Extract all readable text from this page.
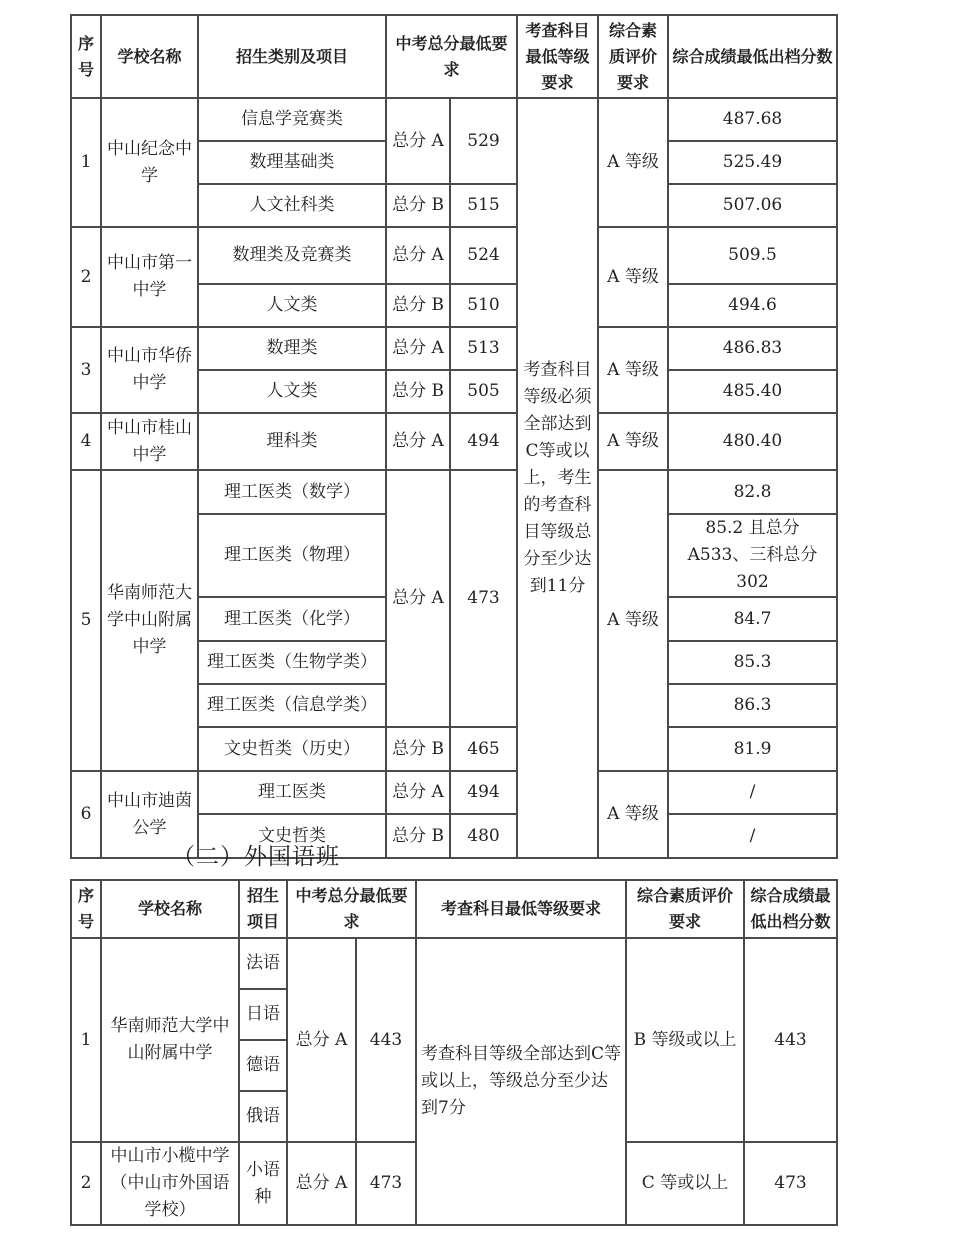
序号	学校名称	招生类别及项目	中考总分最低要求		考查科目最低等级要求	综合素质评价要求	综合成绩最低出档分数
1	中山纪念中学	信息学竞赛类	总分 A	529	考查科目等级必须全部达到C等或以上，考生的考查科目等级总分至少达到11分	A 等级	487.68
		数理基础类					525.49
		人文社科类	总分 B	515			507.06
2	中山市第一中学	数理类及竞赛类	总分 A	524		A 等级	509.5
		人文类	总分 B	510			494.6
3	中山市华侨中学	数理类	总分 A	513		A 等级	486.83
		人文类	总分 B	505			485.40
4	中山市桂山中学	理科类	总分 A	494		A 等级	480.40
5	华南师范大学中山附属中学	理工医类（数学）	总分 A	473		A 等级	82.8
		理工医类（物理）					85.2 且总分 A533、三科总分 302
		理工医类（化学）					84.7
		理工医类（生物学类）					85.3
		理工医类（信息学类）					86.3
		文史哲类（历史）	总分 B	465			81.9
6	中山市迪茵公学	理工医类	总分 A	494		A 等级	/
		文史哲类	总分 B	480			/
（二）外国语班
序号	学校名称	招生项目	中考总分最低要求		考查科目最低等级要求	综合素质评价要求	综合成绩最低出档分数
1	华南师范大学中山附属中学	法语	总分 A	443	考查科目等级全部达到C等或以上，等级总分至少达到7分	B 等级或以上	443
		日语					
		德语					
		俄语					
2	中山市小榄中学（中山市外国语学校）	小语种	总分 A	473		C 等或以上	473
